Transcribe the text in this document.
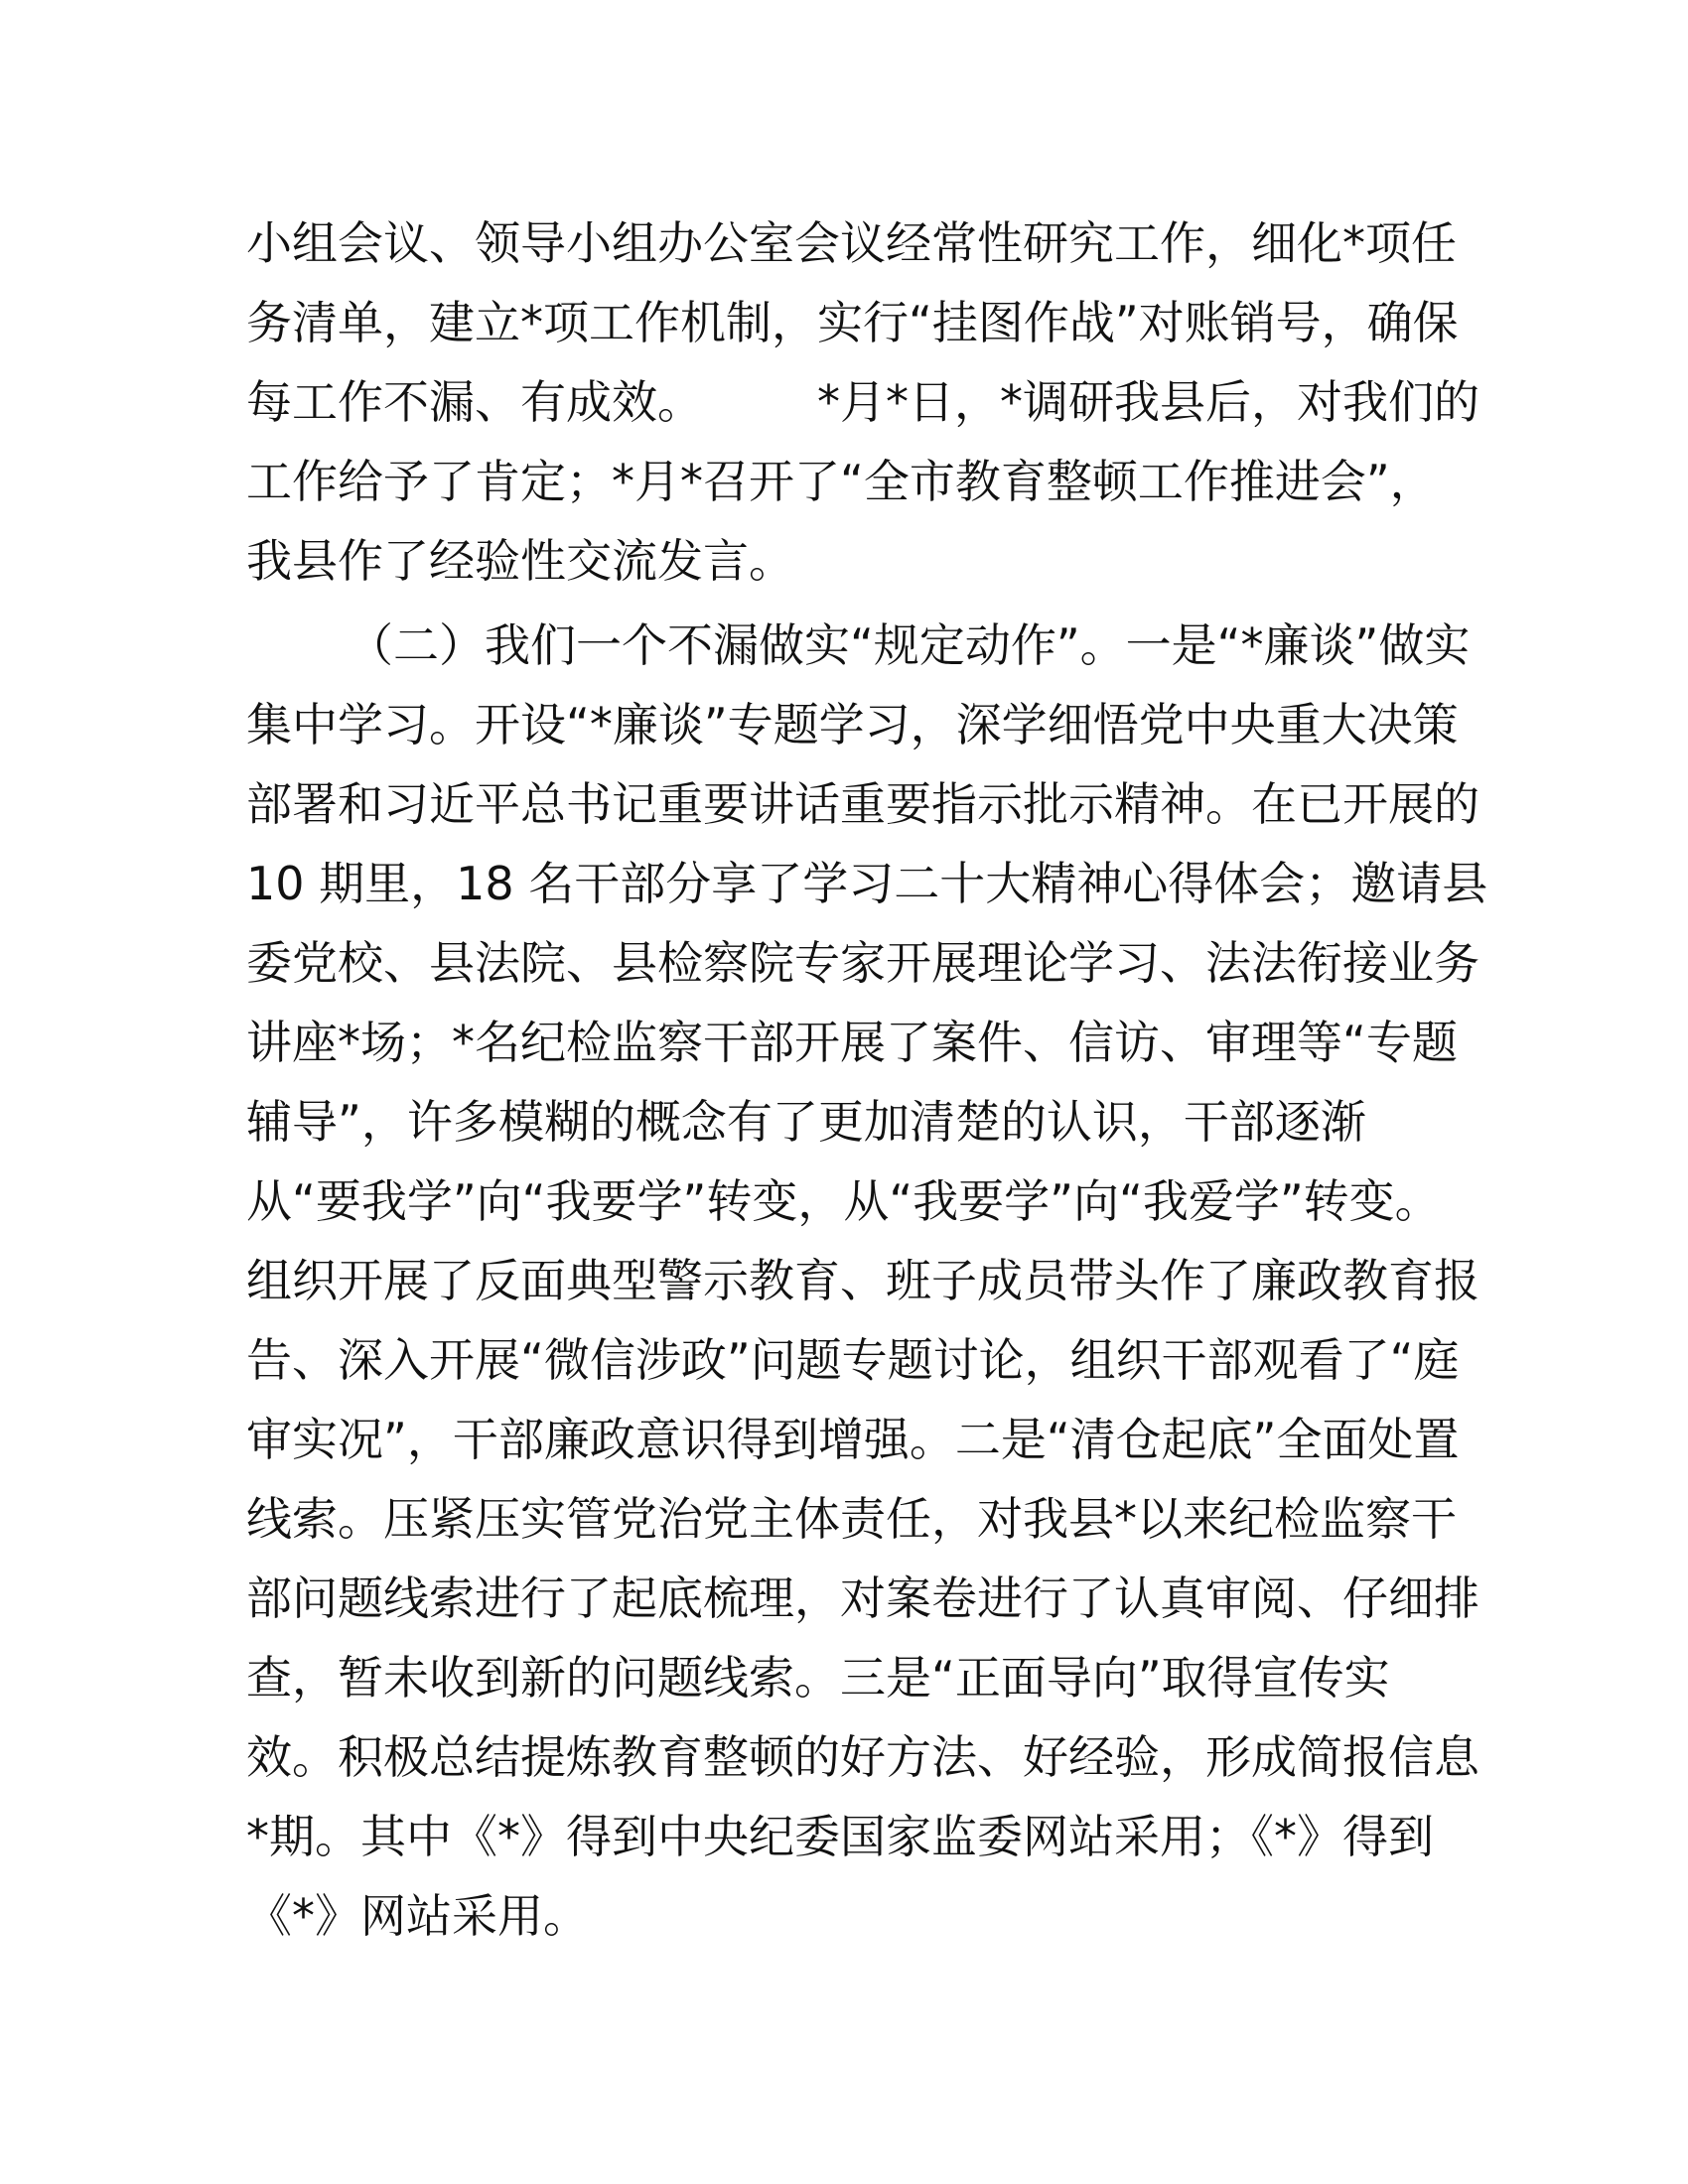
小组会议、领导小组办公室会议经常性研究工作，细化*项任
务清单，建立*项工作机制，实行“挂图作战”对账销号，确保
每工作不漏、有成效。　　　*月*日，*调研我县后，对我们的
工作给予了肯定；*月*召开了“全市教育整顿工作推进会”，
我县作了经验性交流发言。
（二）我们一个不漏做实“规定动作”。一是“*廉谈”做实
集中学习。开设“*廉谈”专题学习，深学细悟党中央重大决策
部署和习近平总书记重要讲话重要指示批示精神。在已开展的
10 期里，18 名干部分享了学习二十大精神心得体会；邀请县
委党校、县法院、县检察院专家开展理论学习、法法衔接业务
讲座*场；*名纪检监察干部开展了案件、信访、审理等“专题
辅导”，许多模糊的概念有了更加清楚的认识，干部逐渐
从“要我学”向“我要学”转变，从“我要学”向“我爱学”转变。
组织开展了反面典型警示教育、班子成员带头作了廉政教育报
告、深入开展“微信涉政”问题专题讨论，组织干部观看了“庭
审实况”，干部廉政意识得到增强。二是“清仓起底”全面处置
线索。压紧压实管党治党主体责任，对我县*以来纪检监察干
部问题线索进行了起底梳理，对案卷进行了认真审阅、仔细排
查，暂未收到新的问题线索。三是“正面导向”取得宣传实
效。积极总结提炼教育整顿的好方法、好经验，形成简报信息
*期。其中《*》得到中央纪委国家监委网站采用；《*》得到
《*》网站采用。
